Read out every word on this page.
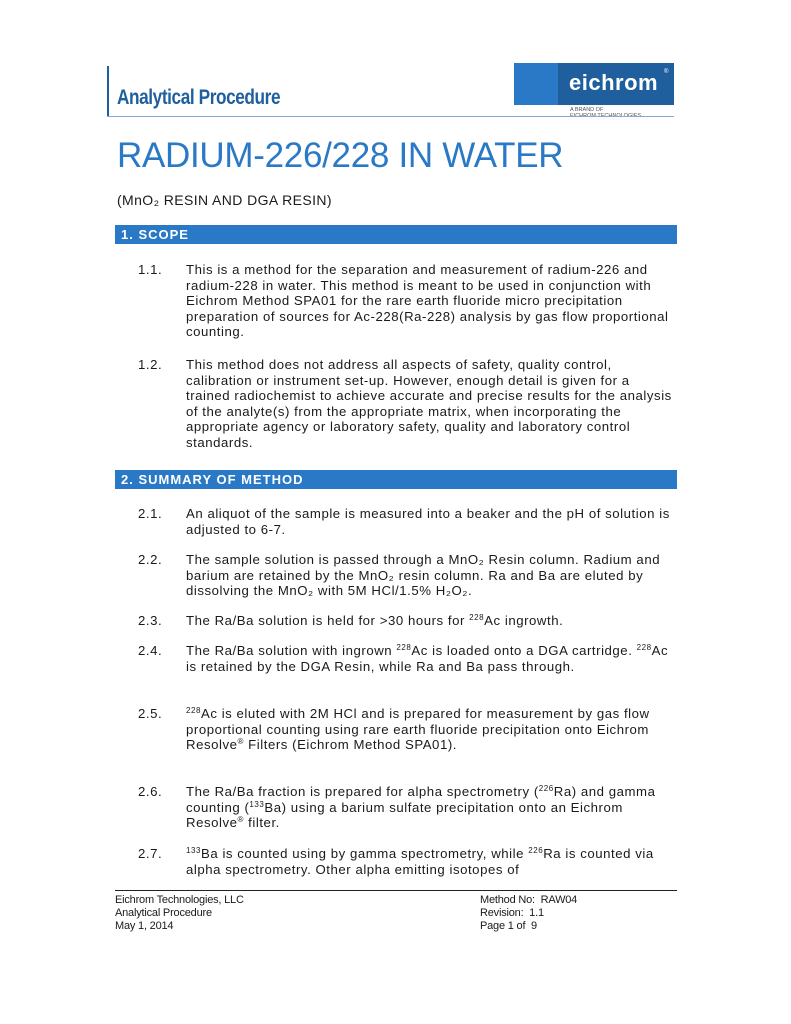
Analytical Procedure
eichrom ®
A BRAND OF
RADIUM-226/228 IN WATER
(MnO₂ RESIN AND DGA RESIN)
1. SCOPE
1.1. This is a method for the separation and measurement of radium-226 and radium-228 in water. This method is meant to be used in conjunction with Eichrom Method SPA01 for the rare earth fluoride micro precipitation preparation of sources for Ac-228(Ra-228) analysis by gas flow proportional counting.
1.2. This method does not address all aspects of safety, quality control, calibration or instrument set-up. However, enough detail is given for a trained radiochemist to achieve accurate and precise results for the analysis of the analyte(s) from the appropriate matrix, when incorporating the appropriate agency or laboratory safety, quality and laboratory control standards.
2. SUMMARY OF METHOD
2.1. An aliquot of the sample is measured into a beaker and the pH of solution is adjusted to 6-7.
2.2. The sample solution is passed through a MnO₂ Resin column. Radium and barium are retained by the MnO₂ resin column. Ra and Ba are eluted by dissolving the MnO₂ with 5M HCl/1.5% H₂O₂.
2.3. The Ra/Ba solution is held for >30 hours for $^{228}$Ac ingrowth.
2.4. The Ra/Ba solution with ingrown $^{228}$Ac is loaded onto a DGA cartridge. $^{228}$Ac is retained by the DGA Resin, while Ra and Ba pass through.
2.5.	$^{228}$Ac is eluted with 2M HCl and is prepared for measurement by gas flow proportional counting using rare earth fluoride precipitation onto Eichrom Resolve® Filters (Eichrom Method SPA01).
2.6. The Ra/Ba fraction is prepared for alpha spectrometry ($^{226}$Ra) and gamma counting ($^{133}$Ba) using a barium sulfate precipitation onto an Eichrom Resolve® filter.
2.7.	$^{133}$Ba is counted using by gamma spectrometry, while $^{226}$Ra is counted via alpha spectrometry. Other alpha emitting isotopes of
Eichrom Technologies, LLC
Analytical Procedure
May 1, 2014
Method No: RAW04
Revision: 1.1
Page 1 of 9
